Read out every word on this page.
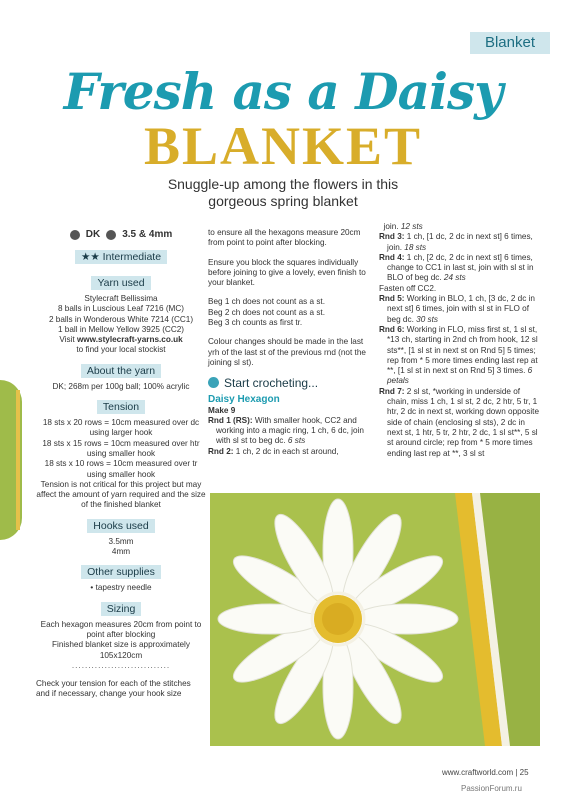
Blanket
Fresh as a Daisy
BLANKET
Snuggle-up among the flowers in this gorgeous spring blanket
DK 3.5 & 4mm
★★ Intermediate
Yarn used

Stylecraft Bellissima

8 balls in Luscious Leaf 7216 (MC)

2 balls in Wonderous White 7214 (CC1)

1 ball in Mellow Yellow 3925 (CC2)

Visit www.stylecraft-yarns.co.uk

to find your local stockist

About the yarn

DK; 268m per 100g ball; 100% acrylic

Tension

18 sts x 20 rows = 10cm measured over dc using larger hook

18 sts x 15 rows = 10cm measured over htr using smaller hook

18 sts x 10 rows = 10cm measured over tr using smaller hook

Tension is not critical for this project but may affect the amount of yarn required and the size of the finished blanket

Hooks used

3.5mm

4mm

Other supplies

• tapestry needle

Sizing

Each hexagon measures 20cm from point to point after blocking

Finished blanket size is approximately 105x120cm

..............................

Check your tension for each of the stitches and if necessary, change your hook size

to ensure all the hexagons measure 20cm from point to point after blocking.

Ensure you block the squares individually before joining to give a lovely, even finish to your blanket.

Beg 1 ch does not count as a st.
Beg 2 ch does not count as a st.
Beg 3 ch counts as first tr.

Colour changes should be made in the last yrh of the last st of the previous rnd (not the joining sl st).

Start crocheting...
Daisy Hexagon
Make 9
Rnd 1 (RS): With smaller hook, CC2 and working into a magic ring, 1 ch, 6 dc, join with sl st to beg dc. 6 sts
Rnd 2: 1 ch, 2 dc in each st around,
join. 12 sts
Rnd 3: 1 ch, [1 dc, 2 dc in next st] 6 times, join. 18 sts
Rnd 4: 1 ch, [2 dc, 2 dc in next st] 6 times, change to CC1 in last st, join with sl st in BLO of beg dc. 24 sts
Fasten off CC2.
Rnd 5: Working in BLO, 1 ch, [3 dc, 2 dc in next st] 6 times, join with sl st in FLO of beg dc. 30 sts
Rnd 6: Working in FLO, miss first st, 1 sl st, *13 ch, starting in 2nd ch from hook, 12 sl sts**, [1 sl st in next st on Rnd 5] 5 times; rep from * 5 more times ending last rep at **, [1 sl st in next st on Rnd 5] 3 times. 6 petals
Rnd 7: 2 sl st, *working in underside of chain, miss 1 ch, 1 sl st, 2 dc, 2 htr, 5 tr, 1 htr, 2 dc in next st, working down opposite side of chain (enclosing sl sts), 2 dc in next st, 1 htr, 5 tr, 2 htr, 2 dc, 1 sl st**, 5 sl st around circle; rep from * 5 more times ending last rep at **, 3 sl st
www.craftworld.com | 25
PassionForum.ru
